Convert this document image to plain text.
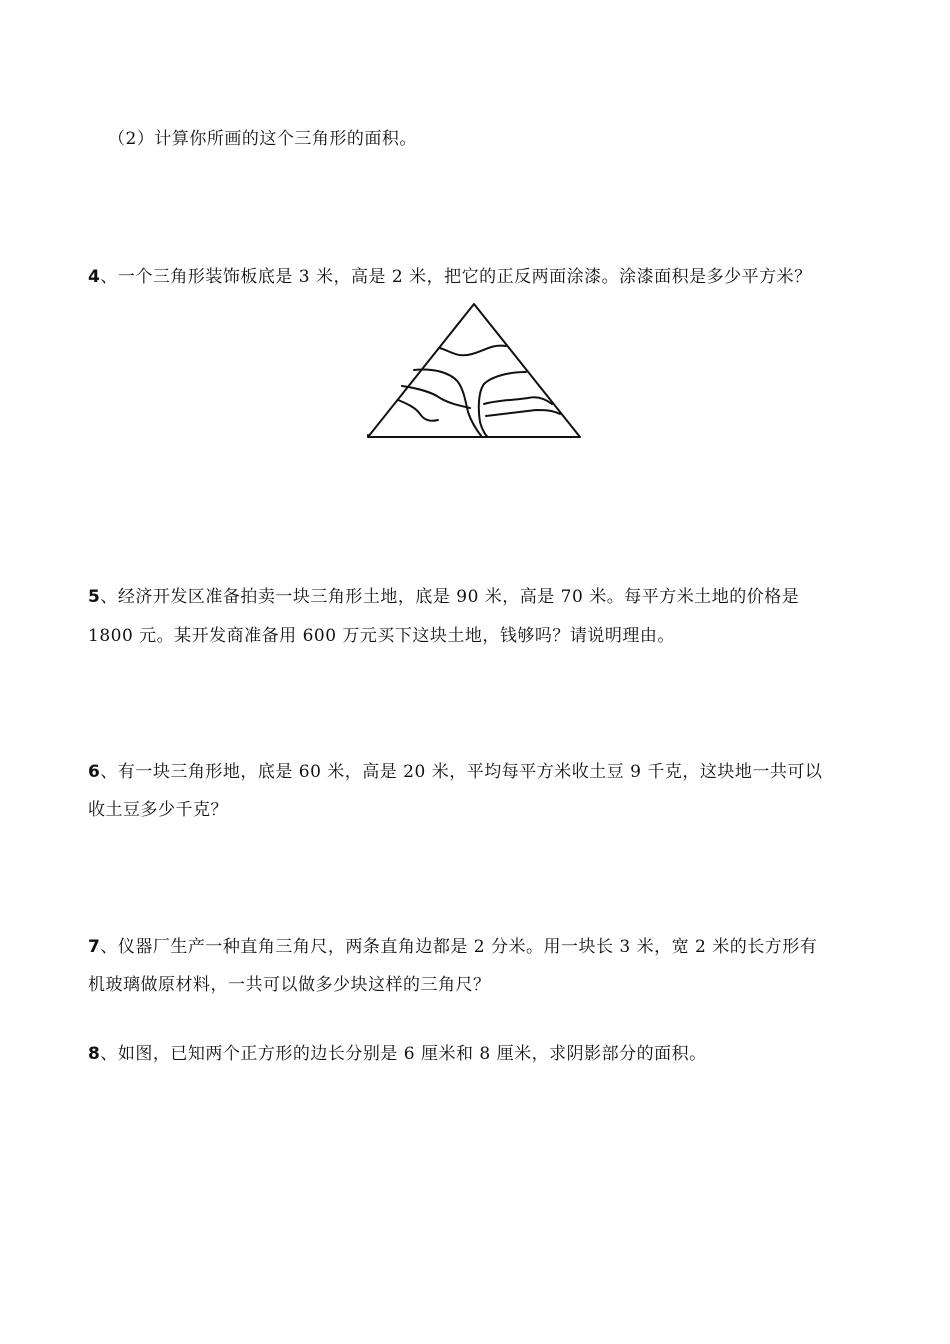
（2）计算你所画的这个三角形的面积。
4、一个三角形装饰板底是 3 米，高是 2 米，把它的正反两面涂漆。涂漆面积是多少平方米？
5、经济开发区准备拍卖一块三角形土地，底是 90 米，高是 70 米。每平方米土地的价格是
1800 元。某开发商准备用 600 万元买下这块土地，钱够吗？请说明理由。
6、有一块三角形地，底是 60 米，高是 20 米，平均每平方米收土豆 9 千克，这块地一共可以
收土豆多少千克？
7、仪器厂生产一种直角三角尺，两条直角边都是 2 分米。用一块长 3 米，宽 2 米的长方形有
机玻璃做原材料，一共可以做多少块这样的三角尺？
8、如图，已知两个正方形的边长分别是 6 厘米和 8 厘米，求阴影部分的面积。
